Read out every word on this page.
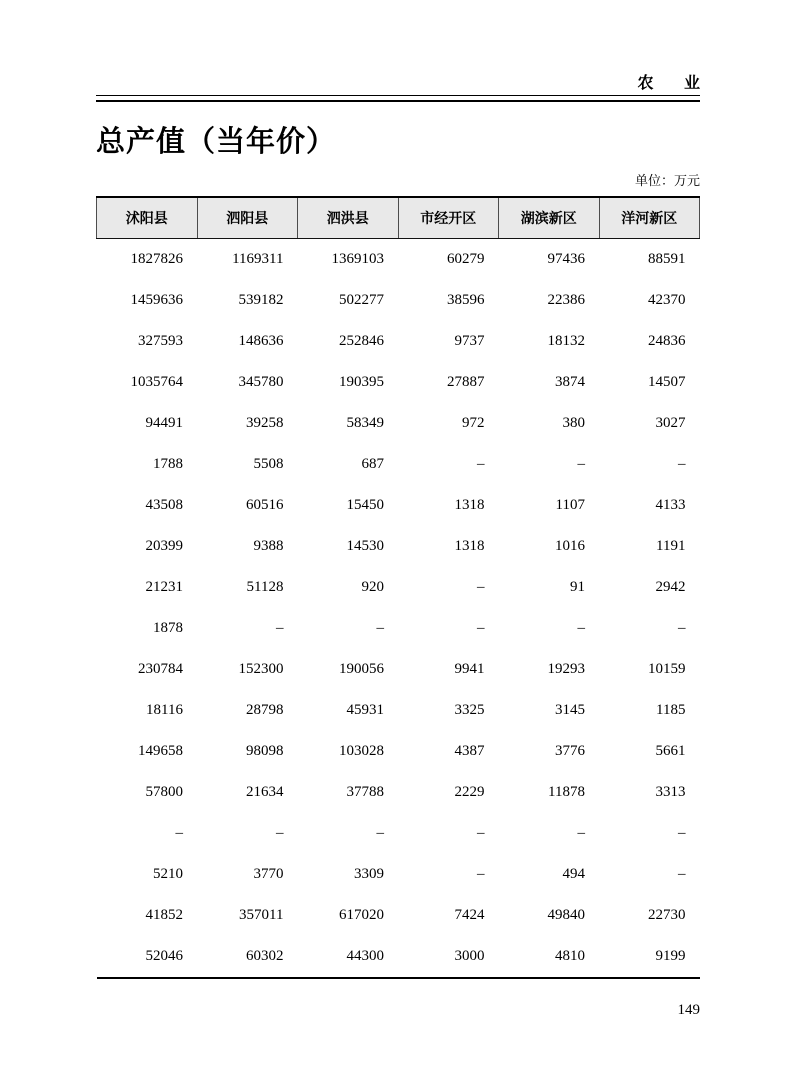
农 业
总产值（当年价）
单位：万元
沭阳县	泗阳县	泗洪县	市经开区	湖滨新区	洋河新区
1827826	1169311	1369103	60279	97436	88591
1459636	539182	502277	38596	22386	42370
327593	148636	252846	9737	18132	24836
1035764	345780	190395	27887	3874	14507
94491	39258	58349	972	380	3027
1788	5508	687	–	–	–
43508	60516	15450	1318	1107	4133
20399	9388	14530	1318	1016	1191
21231	51128	920	–	91	2942
1878	–	–	–	–	–
230784	152300	190056	9941	19293	10159
18116	28798	45931	3325	3145	1185
149658	98098	103028	4387	3776	5661
57800	21634	37788	2229	11878	3313
–	–	–	–	–	–
5210	3770	3309	–	494	–
41852	357011	617020	7424	49840	22730
52046	60302	44300	3000	4810	9199
149
